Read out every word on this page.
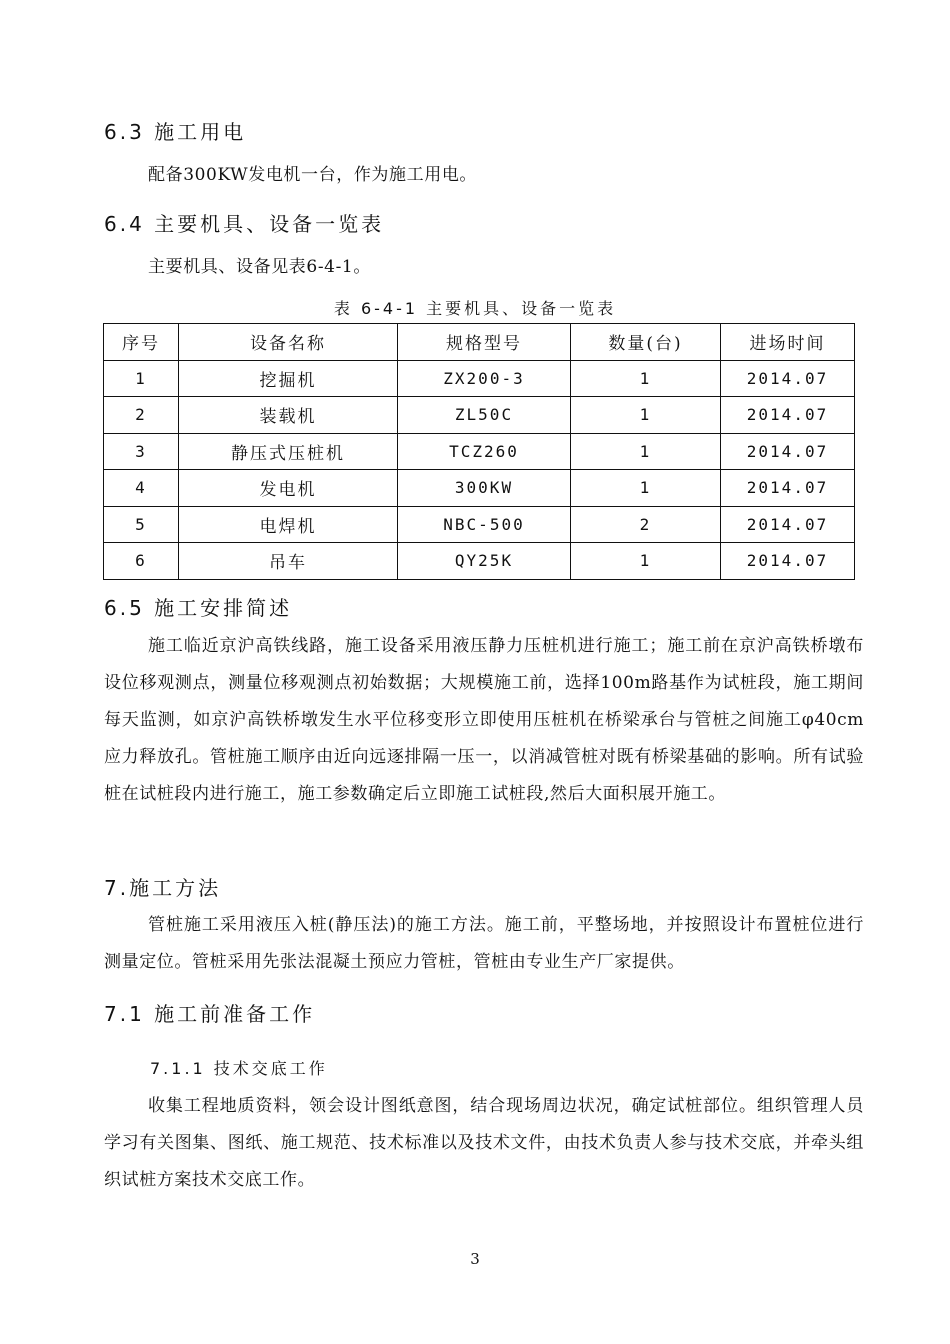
6.3 施工用电
配备300KW发电机一台，作为施工用电。
6.4 主要机具、设备一览表
主要机具、设备见表6-4-1。
表 6-4-1 主要机具、设备一览表
序号	设备名称	规格型号	数量(台)	进场时间
1	挖掘机	ZX200-3	1	2014.07
2	装载机	ZL50C	1	2014.07
3	静压式压桩机	TCZ260	1	2014.07
4	发电机	300KW	1	2014.07
5	电焊机	NBC-500	2	2014.07
6	吊车	QY25K	1	2014.07
6.5 施工安排简述
施工临近京沪高铁线路，施工设备采用液压静力压桩机进行施工；施工前在京沪高铁桥墩布设位移观测点，测量位移观测点初始数据；大规模施工前，选择100m路基作为试桩段，施工期间每天监测，如京沪高铁桥墩发生水平位移变形立即使用压桩机在桥梁承台与管桩之间施工φ40cm应力释放孔。管桩施工顺序由近向远逐排隔一压一，以消减管桩对既有桥梁基础的影响。所有试验桩在试桩段内进行施工，施工参数确定后立即施工试桩段,然后大面积展开施工。
7.施工方法
管桩施工采用液压入桩(静压法)的施工方法。施工前，平整场地，并按照设计布置桩位进行测量定位。管桩采用先张法混凝土预应力管桩，管桩由专业生产厂家提供。
7.1 施工前准备工作
7.1.1 技术交底工作
收集工程地质资料，领会设计图纸意图，结合现场周边状况，确定试桩部位。组织管理人员学习有关图集、图纸、施工规范、技术标准以及技术文件，由技术负责人参与技术交底，并牵头组织试桩方案技术交底工作。
3
